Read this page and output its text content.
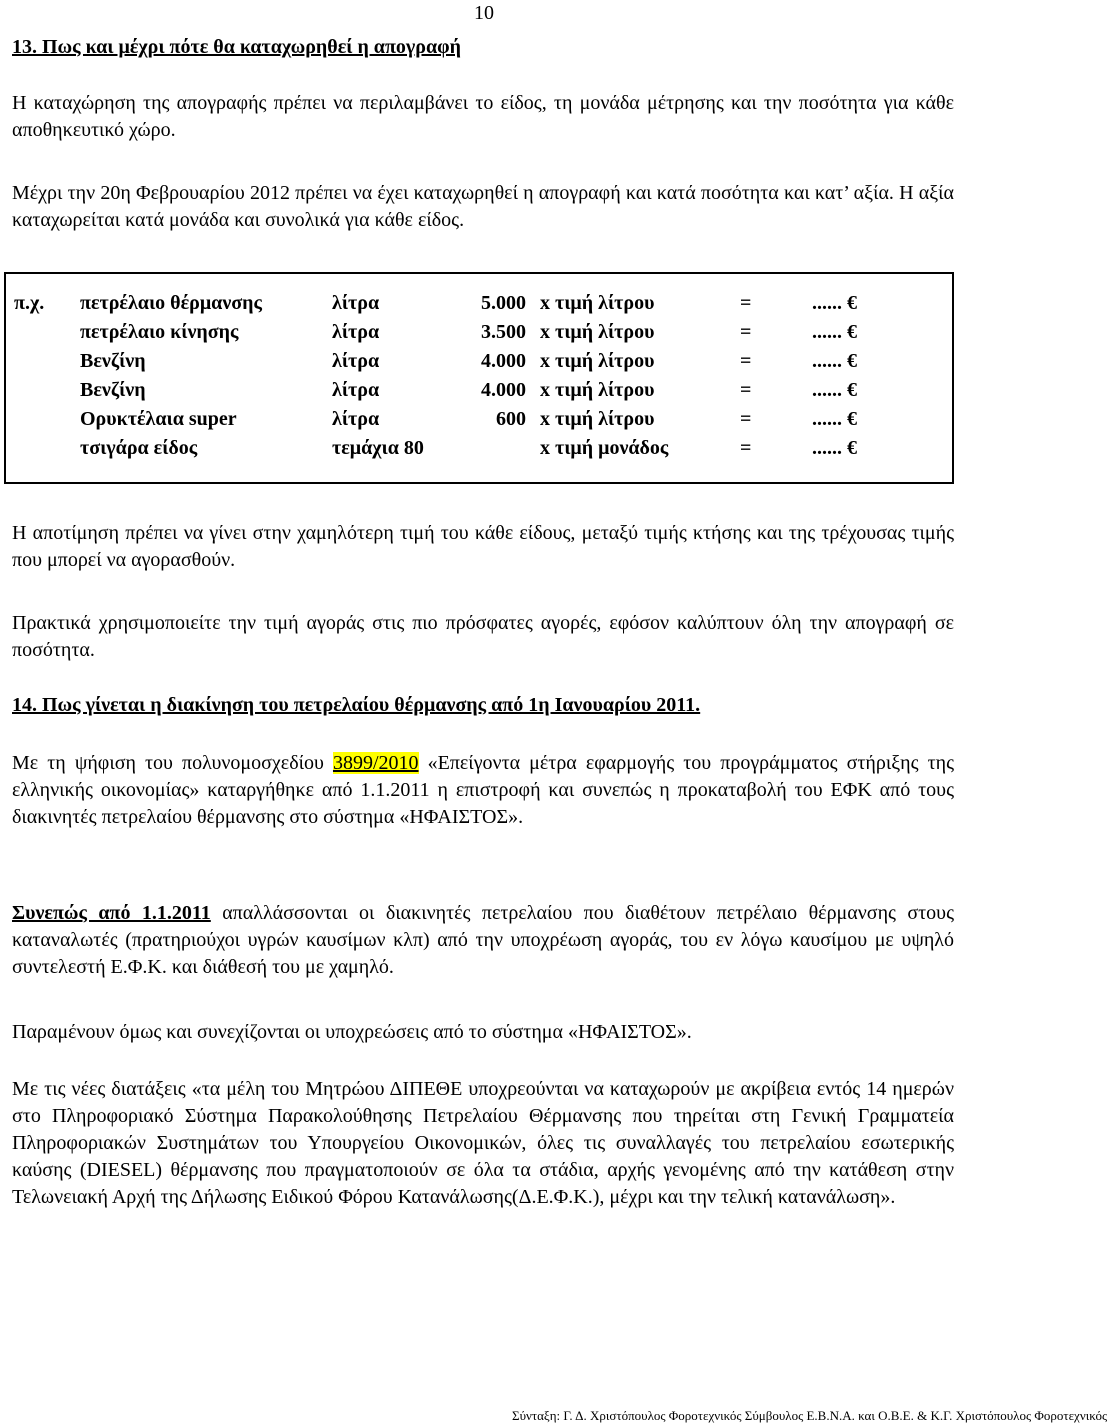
10
13. Πως και μέχρι πότε θα καταχωρηθεί η απογραφή
Η καταχώρηση της απογραφής πρέπει να περιλαμβάνει το είδος, τη μονάδα μέτρησης και την ποσότητα για κάθε αποθηκευτικό χώρο.
Μέχρι την 20η Φεβρουαρίου 2012 πρέπει να έχει καταχωρηθεί η απογραφή και κατά ποσότητα και κατ’ αξία. Η αξία καταχωρείται κατά μονάδα και συνολικά για κάθε είδος.
π.χ. πετρέλαιο θέρμανσης	λίτρα	5.000 x τιμή λίτρου	=	...... €
πετρέλαιο κίνησης	λίτρα	3.500 x τιμή λίτρου	=	...... €
Βενζίνη	λίτρα	4.000 x τιμή λίτρου	=	...... €
Βενζίνη	λίτρα	4.000 x τιμή λίτρου	=	...... €
Ορυκτέλαια super	λίτρα	600 x τιμή λίτρου	=	...... €
τσιγάρα είδος	τεμάχια 80	x τιμή μονάδος	=	...... €
Η αποτίμηση πρέπει να γίνει στην χαμηλότερη τιμή του κάθε είδους, μεταξύ τιμής κτήσης και της τρέχουσας τιμής που μπορεί να αγορασθούν.
Πρακτικά χρησιμοποιείτε την τιμή αγοράς στις πιο πρόσφατες αγορές, εφόσον καλύπτουν όλη την απογραφή σε ποσότητα.
14. Πως γίνεται η διακίνηση του πετρελαίου θέρμανσης από 1η Ιανουαρίου 2011.
Με τη ψήφιση του πολυνομοσχεδίου 3899/2010 «Επείγοντα μέτρα εφαρμογής του προγράμματος στήριξης της ελληνικής οικονομίας» καταργήθηκε από 1.1.2011 η επιστροφή και συνεπώς η προκαταβολή του ΕΦΚ από τους διακινητές πετρελαίου θέρμανσης στο σύστημα «ΗΦΑΙΣΤΟΣ».
Συνεπώς από 1.1.2011 απαλλάσσονται οι διακινητές πετρελαίου που διαθέτουν πετρέλαιο θέρμανσης στους καταναλωτές (πρατηριούχοι υγρών καυσίμων κλπ) από την υποχρέωση αγοράς, του εν λόγω καυσίμου με υψηλό συντελεστή Ε.Φ.Κ. και διάθεσή του με χαμηλό.
Παραμένουν όμως και συνεχίζονται οι υποχρεώσεις από το σύστημα «ΗΦΑΙΣΤΟΣ».
Με τις νέες διατάξεις «τα μέλη του Μητρώου ΔΙΠΕΘΕ υποχρεούνται να καταχωρούν με ακρίβεια εντός 14 ημερών στο Πληροφοριακό Σύστημα Παρακολούθησης Πετρελαίου Θέρμανσης που τηρείται στη Γενική Γραμματεία Πληροφοριακών Συστημάτων του Υπουργείου Οικονομικών, όλες τις συναλλαγές του πετρελαίου εσωτερικής καύσης (DIESEL) θέρμανσης που πραγματοποιούν σε όλα τα στάδια, αρχής γενομένης από την κατάθεση στην Τελωνειακή Αρχή της Δήλωσης Ειδικού Φόρου Κατανάλωσης(Δ.Ε.Φ.Κ.), μέχρι και την τελική κατανάλωση».
Σύνταξη: Γ. Δ. Χριστόπουλος Φοροτεχνικός Σύμβουλος Ε.Β.Ν.Α. και Ο.Β.Ε. & Κ.Γ. Χριστόπουλος Φοροτεχνικός
